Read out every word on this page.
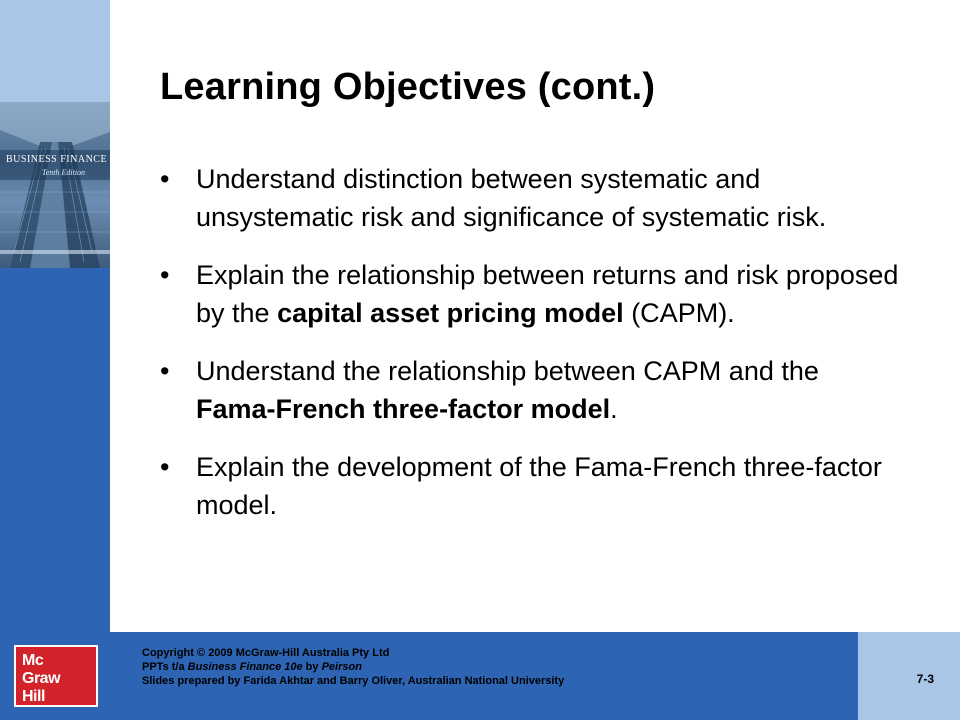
BUSINESS FINANCE
Tenth Edition
Learning Objectives (cont.)
• Understand distinction between systematic and unsystematic risk and significance of systematic risk.
• Explain the relationship between returns and risk proposed by the capital asset pricing model (CAPM).
• Understand the relationship between CAPM and the Fama-French three-factor model.
• Explain the development of the Fama-French three-factor model.
Mc
Graw
Hill
Copyright © 2009 McGraw-Hill Australia Pty Ltd
PPTs t/a Business Finance 10e by Peirson
Slides prepared by Farida Akhtar and Barry Oliver, Australian National University	7-3
